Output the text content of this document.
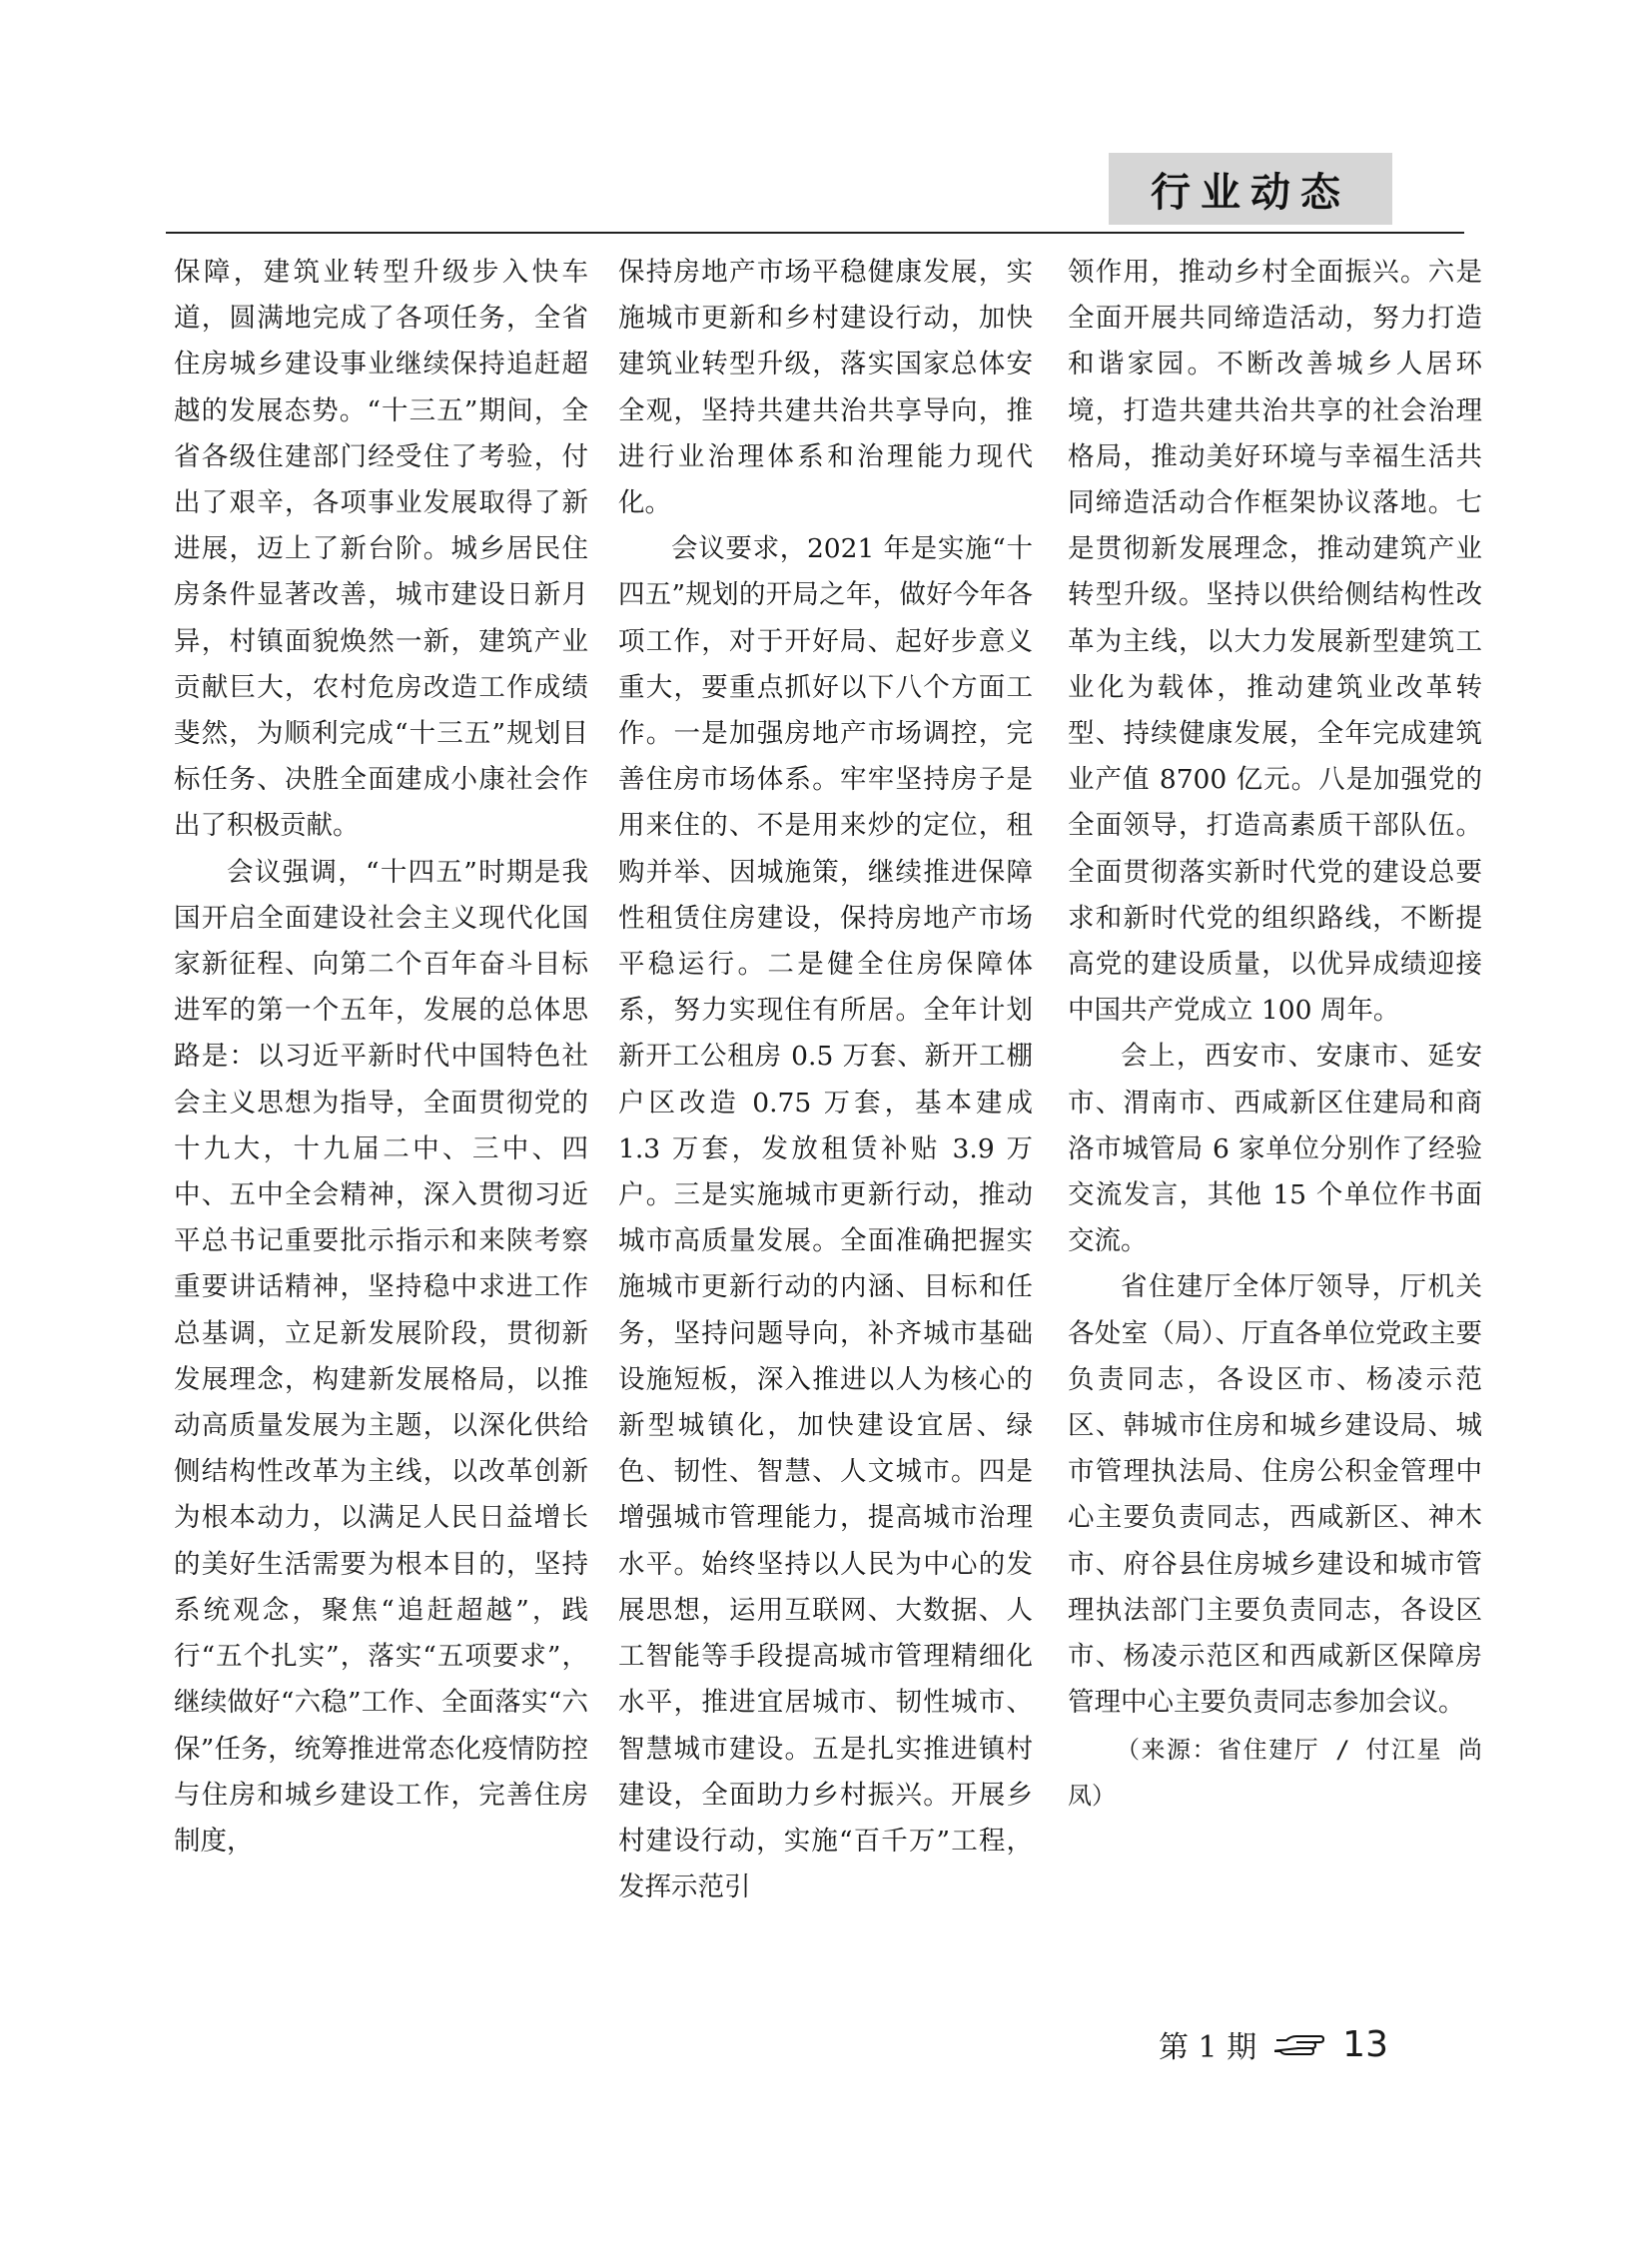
行业动态

保障，建筑业转型升级步入快车道，圆满地完成了各项任务，全省住房城乡建设事业继续保持追赶超越的发展态势。“十三五”期间，全省各级住建部门经受住了考验，付出了艰辛，各项事业发展取得了新进展，迈上了新台阶。城乡居民住房条件显著改善，城市建设日新月异，村镇面貌焕然一新，建筑产业贡献巨大，农村危房改造工作成绩斐然，为顺利完成“十三五”规划目标任务、决胜全面建成小康社会作出了积极贡献。

会议强调，“十四五”时期是我国开启全面建设社会主义现代化国家新征程、向第二个百年奋斗目标进军的第一个五年，发展的总体思路是：以习近平新时代中国特色社会主义思想为指导，全面贯彻党的十九大，十九届二中、三中、四中、五中全会精神，深入贯彻习近平总书记重要批示指示和来陕考察重要讲话精神，坚持稳中求进工作总基调，立足新发展阶段，贯彻新发展理念，构建新发展格局，以推动高质量发展为主题，以深化供给侧结构性改革为主线，以改革创新为根本动力，以满足人民日益增长的美好生活需要为根本目的，坚持系统观念，聚焦“追赶超越”，践行“五个扎实”，落实“五项要求”，继续做好“六稳”工作、全面落实“六保”任务，统筹推进常态化疫情防控与住房和城乡建设工作，完善住房制度，

保持房地产市场平稳健康发展，实施城市更新和乡村建设行动，加快建筑业转型升级，落实国家总体安全观，坚持共建共治共享导向，推进行业治理体系和治理能力现代化。

会议要求，2021 年是实施“十四五”规划的开局之年，做好今年各项工作，对于开好局、起好步意义重大，要重点抓好以下八个方面工作。一是加强房地产市场调控，完善住房市场体系。牢牢坚持房子是用来住的、不是用来炒的定位，租购并举、因城施策，继续推进保障性租赁住房建设，保持房地产市场平稳运行。二是健全住房保障体系，努力实现住有所居。全年计划新开工公租房 0.5 万套、新开工棚户区改造 0.75 万套，基本建成 1.3 万套，发放租赁补贴 3.9 万户。三是实施城市更新行动，推动城市高质量发展。全面准确把握实施城市更新行动的内涵、目标和任务，坚持问题导向，补齐城市基础设施短板，深入推进以人为核心的新型城镇化，加快建设宜居、绿色、韧性、智慧、人文城市。四是增强城市管理能力，提高城市治理水平。始终坚持以人民为中心的发展思想，运用互联网、大数据、人工智能等手段提高城市管理精细化水平，推进宜居城市、韧性城市、智慧城市建设。五是扎实推进镇村建设，全面助力乡村振兴。开展乡村建设行动，实施“百千万”工程，发挥示范引

领作用，推动乡村全面振兴。六是全面开展共同缔造活动，努力打造和谐家园。不断改善城乡人居环境，打造共建共治共享的社会治理格局，推动美好环境与幸福生活共同缔造活动合作框架协议落地。七是贯彻新发展理念，推动建筑产业转型升级。坚持以供给侧结构性改革为主线，以大力发展新型建筑工业化为载体，推动建筑业改革转型、持续健康发展，全年完成建筑业产值 8700 亿元。八是加强党的全面领导，打造高素质干部队伍。全面贯彻落实新时代党的建设总要求和新时代党的组织路线，不断提高党的建设质量，以优异成绩迎接中国共产党成立 100 周年。

会上，西安市、安康市、延安市、渭南市、西咸新区住建局和商洛市城管局 6 家单位分别作了经验交流发言，其他 15 个单位作书面交流。

省住建厅全体厅领导，厅机关各处室（局）、厅直各单位党政主要负责同志，各设区市、杨凌示范区、韩城市住房和城乡建设局、城市管理执法局、住房公积金管理中心主要负责同志，西咸新区、神木市、府谷县住房城乡建设和城市管理执法部门主要负责同志，各设区市、杨凌示范区和西咸新区保障房管理中心主要负责同志参加会议。

（来源：省住建厅 / 付江星 尚凤）

第 1 期 13
